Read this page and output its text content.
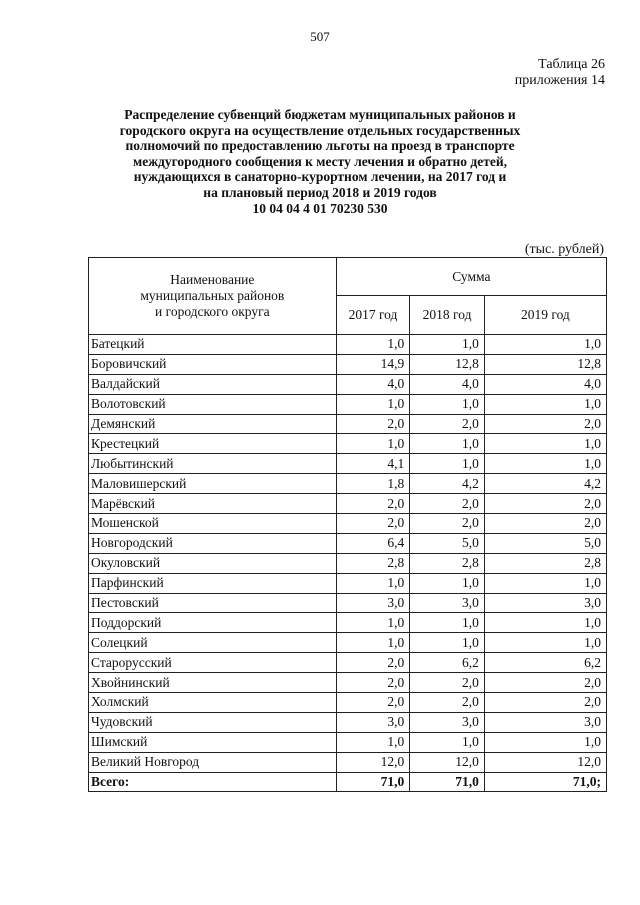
507
Таблица 26
приложения 14
Распределение субвенций бюджетам муниципальных районов и
городского округа на осуществление отдельных государственных
полномочий по предоставлению льготы на проезд в транспорте
междугородного сообщения к месту лечения и обратно детей,
нуждающихся в санаторно-курортном лечении, на 2017 год и
на плановый период 2018 и 2019 годов
10 04 04 4 01 70230 530
(тыс. рублей)
Наименование
муниципальных районов
и городского округа	Сумма		
	2017 год	2018 год	2019 год
Батецкий	1,0	1,0	1,0
Боровичский	14,9	12,8	12,8
Валдайский	4,0	4,0	4,0
Волотовский	1,0	1,0	1,0
Демянский	2,0	2,0	2,0
Крестецкий	1,0	1,0	1,0
Любытинский	4,1	1,0	1,0
Маловишерский	1,8	4,2	4,2
Марёвский	2,0	2,0	2,0
Мошенской	2,0	2,0	2,0
Новгородский	6,4	5,0	5,0
Окуловский	2,8	2,8	2,8
Парфинский	1,0	1,0	1,0
Пестовский	3,0	3,0	3,0
Поддорский	1,0	1,0	1,0
Солецкий	1,0	1,0	1,0
Старорусский	2,0	6,2	6,2
Хвойнинский	2,0	2,0	2,0
Холмский	2,0	2,0	2,0
Чудовский	3,0	3,0	3,0
Шимский	1,0	1,0	1,0
Великий Новгород	12,0	12,0	12,0
Всего:	71,0	71,0	71,0;
